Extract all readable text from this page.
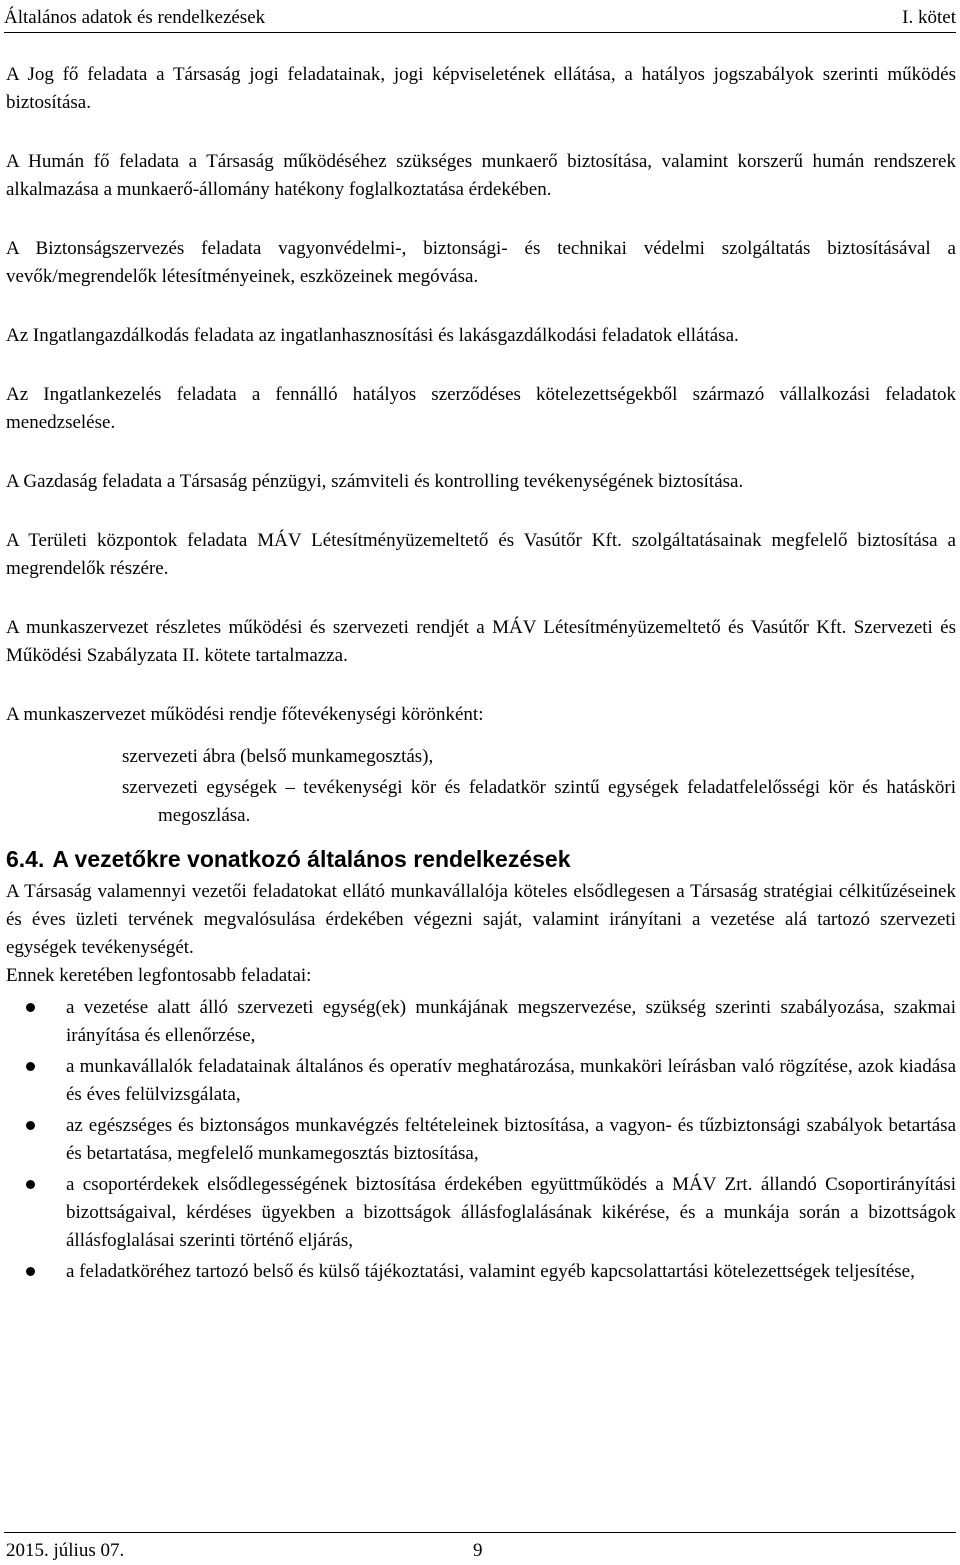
Általános adatok és rendelkezések	I. kötet

A Jog fő feladata a Társaság jogi feladatainak, jogi képviseletének ellátása, a hatályos jogszabályok szerinti működés biztosítása.

A Humán fő feladata a Társaság működéséhez szükséges munkaerő biztosítása, valamint korszerű humán rendszerek alkalmazása a munkaerő-állomány hatékony foglalkoztatása érdekében.

A Biztonságszervezés feladata vagyonvédelmi-, biztonsági- és technikai védelmi szolgáltatás biztosításával a vevők/megrendelők létesítményeinek, eszközeinek megóvása.

Az Ingatlangazdálkodás feladata az ingatlanhasznosítási és lakásgazdálkodási feladatok ellátása.

Az Ingatlankezelés feladata a fennálló hatályos szerződéses kötelezettségekből származó vállalkozási feladatok menedzselése.

A Gazdaság feladata a Társaság pénzügyi, számviteli és kontrolling tevékenységének biztosítása.

A Területi központok feladata MÁV Létesítményüzemeltető és Vasútőr Kft. szolgáltatásainak megfelelő biztosítása a megrendelők részére.

A munkaszervezet részletes működési és szervezeti rendjét a MÁV Létesítményüzemeltető és Vasútőr Kft. Szervezeti és Működési Szabályzata II. kötete tartalmazza.

A munkaszervezet működési rendje főtevékenységi körönként:

szervezeti ábra (belső munkamegosztás),
szervezeti egységek – tevékenységi kör és feladatkör szintű egységek feladatfelelősségi kör és hatásköri megoszlása.
6.4. A vezetőkre vonatkozó általános rendelkezések

A Társaság valamennyi vezetői feladatokat ellátó munkavállalója köteles elsődlegesen a Társaság stratégiai célkitűzéseinek és éves üzleti tervének megvalósulása érdekében végezni saját, valamint irányítani a vezetése alá tartozó szervezeti egységek tevékenységét.

Ennek keretében legfontosabb feladatai:

a vezetése alatt álló szervezeti egység(ek) munkájának megszervezése, szükség szerinti szabályozása, szakmai irányítása és ellenőrzése,
a munkavállalók feladatainak általános és operatív meghatározása, munkaköri leírásban való rögzítése, azok kiadása és éves felülvizsgálata,
az egészséges és biztonságos munkavégzés feltételeinek biztosítása, a vagyon- és tűzbiztonsági szabályok betartása és betartatása, megfelelő munkamegosztás biztosítása,
a csoportérdekek elsődlegességének biztosítása érdekében együttműködés a MÁV Zrt. állandó Csoportirányítási bizottságaival, kérdéses ügyekben a bizottságok állásfoglalásának kikérése, és a munkája során a bizottságok állásfoglalásai szerinti történő eljárás,
a feladatköréhez tartozó belső és külső tájékoztatási, valamint egyéb kapcsolattartási kötelezettségek teljesítése,
2015. július 07.	9
